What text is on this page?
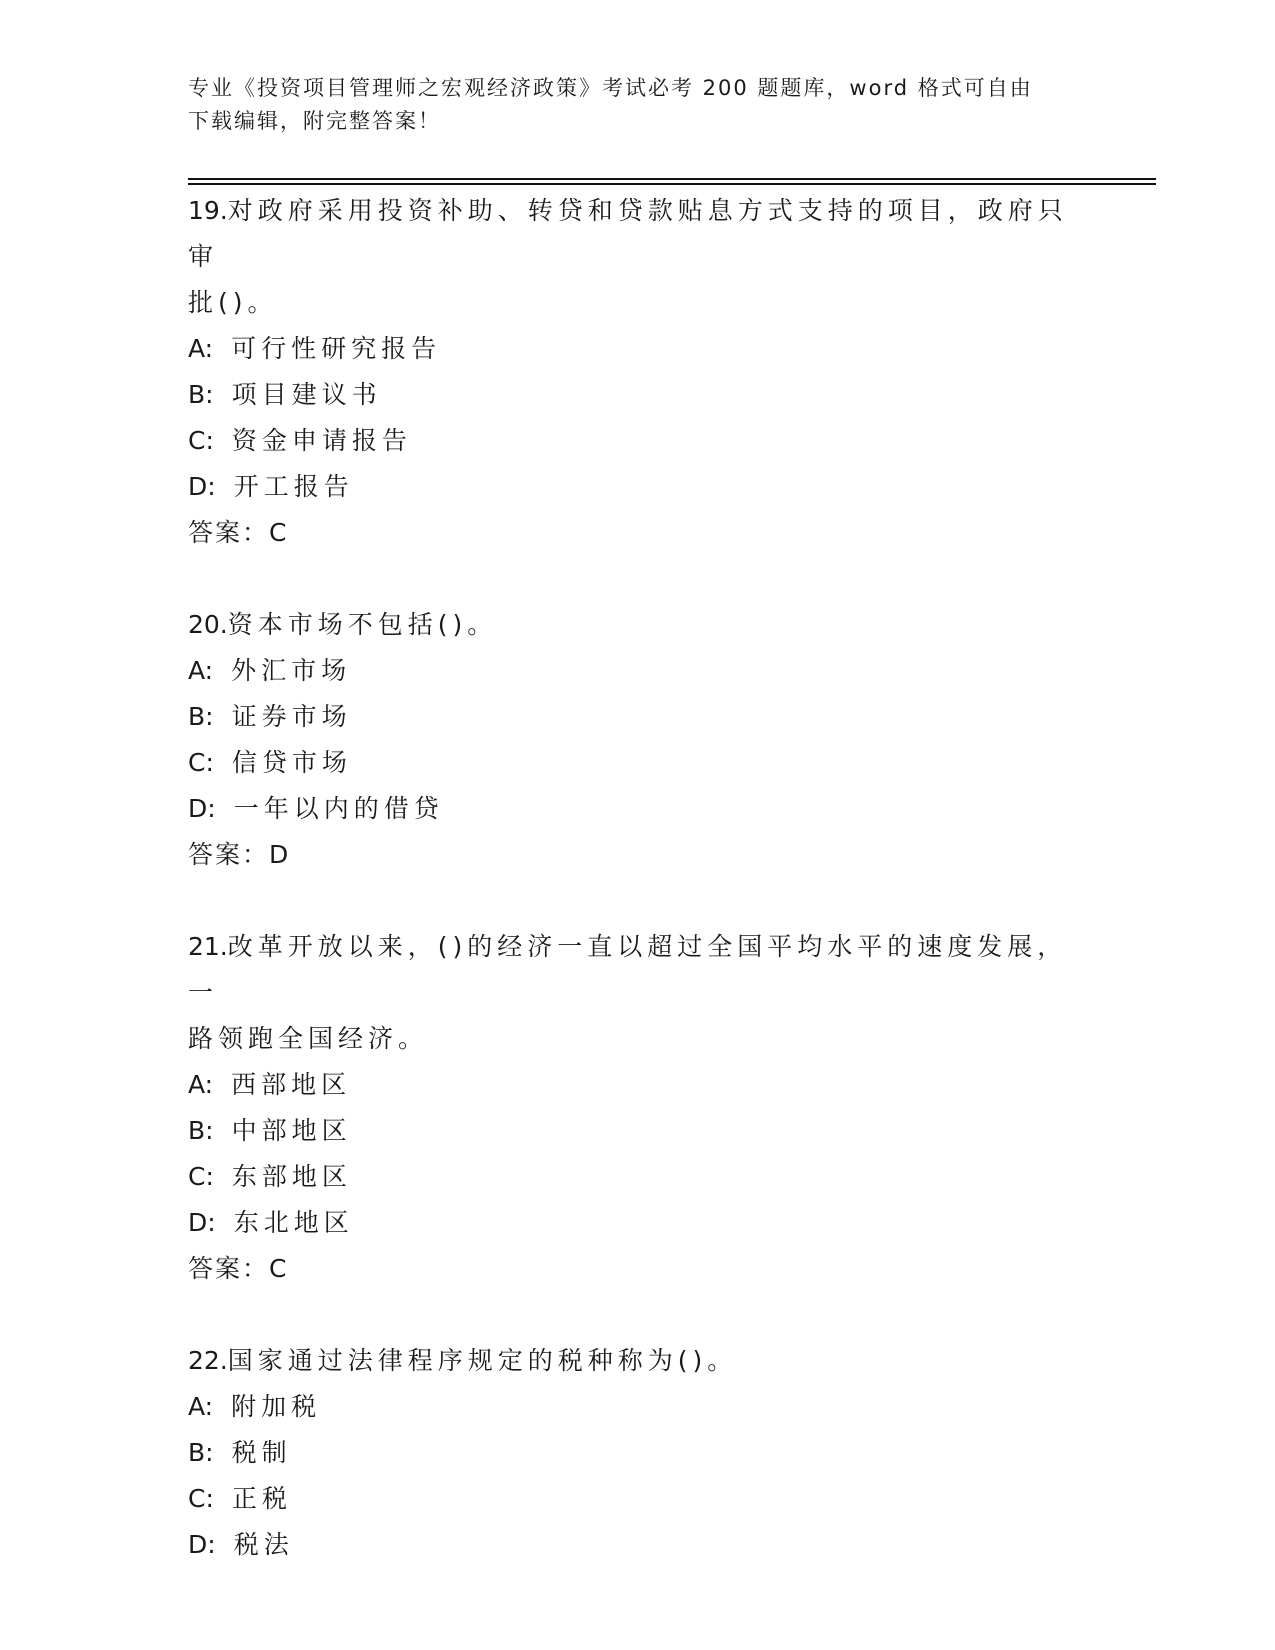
专业《投资项目管理师之宏观经济政策》考试必考 200 题题库，word 格式可自由
下载编辑，附完整答案！
19.对政府采用投资补助、转贷和贷款贴息方式支持的项目，政府只审
批()。
A: 可行性研究报告
B: 项目建议书
C: 资金申请报告
D: 开工报告
答案：C
20.资本市场不包括()。
A: 外汇市场
B: 证券市场
C: 信贷市场
D: 一年以内的借贷
答案：D
21.改革开放以来，()的经济一直以超过全国平均水平的速度发展，一
路领跑全国经济。
A: 西部地区
B: 中部地区
C: 东部地区
D: 东北地区
答案：C
22.国家通过法律程序规定的税种称为()。
A: 附加税
B: 税制
C: 正税
D: 税法
